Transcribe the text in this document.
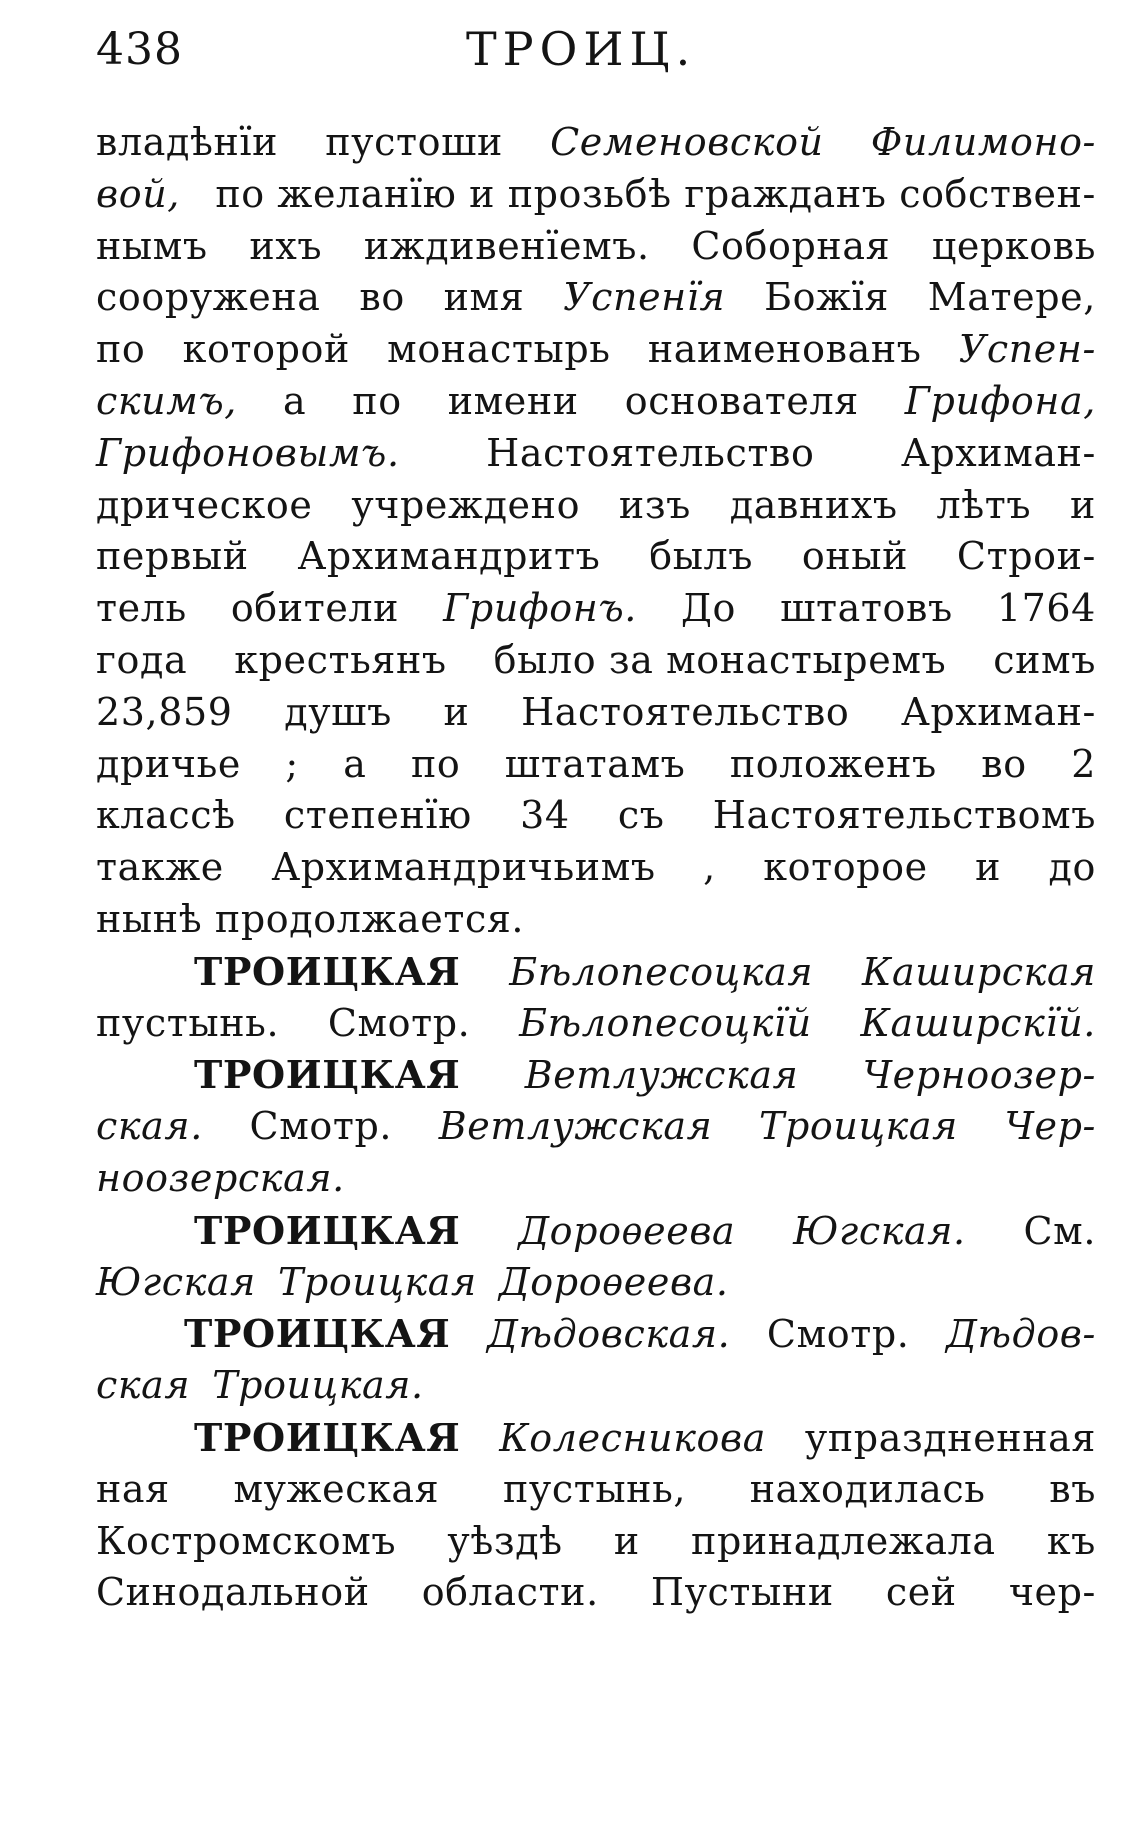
438	ТРОИЦ.
владѣнїи пустоши Семеновской Филимоно-
вой, по желанїю и прозьбѣ гражданъ собствен-
нымъ ихъ иждивенїемъ. Соборная церковь
сооружена во имя Успенїя Божїя Матере,
по которой монастырь наименованъ Успен-
скимъ, а по имени основателя Грифона,
Грифоновымъ. Настоятельство Архиман-
дрическое учреждено изъ давнихъ лѣтъ и
первый Архимандритъ былъ оный Строи-
тель обители Грифонъ. До штатовъ 1764
года крестьянъ было за монастыремъ симъ
23,859 душъ и Настоятельство Архиман-
дричье ; а по штатамъ положенъ во 2
классѣ степенїю 34 съ Настоятельствомъ
также Архимандричьимъ , которое и до
нынѣ продолжается.
ТРОИЦКАЯ Бѣлопесоцкая Каширская
пустынь. Смотр. Бѣлопесоцкїй Каширскїй.
ТРОИЦКАЯ Ветлужская Черноозер-
ская. Смотр. Ветлужская Троицкая Чер-
ноозерская.
ТРОИЦКАЯ Дороѳеева Югская. См.
Югская Троицкая Дороѳеева.
ТРОИЦКАЯ Дѣдовская. Смотр. Дѣдов-
ская Троицкая.
ТРОИЦКАЯ Колесникова упраздненная
ная мужеская пустынь, находилась въ
Костромскомъ уѣздѣ и принадлежала къ
Синодальной области. Пустыни сей чер-
